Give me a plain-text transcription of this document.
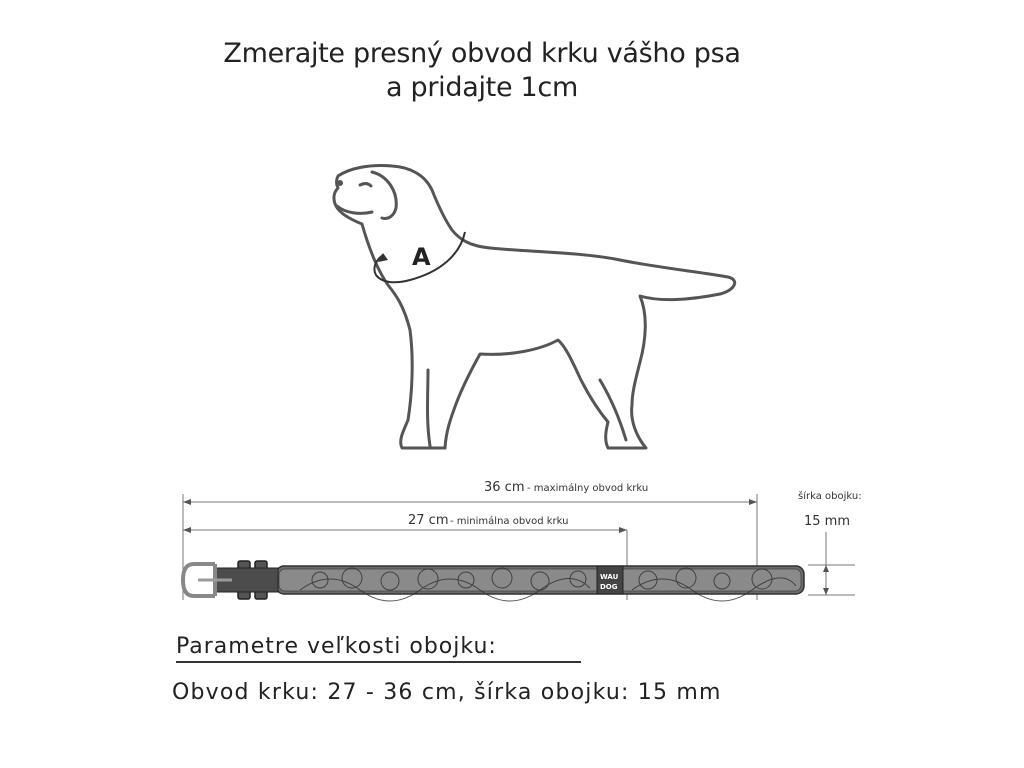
Zmerajte presný obvod krku vášho psa
a pridajte 1cm
A
WAU
DOG
36 cm - maximálny obvod krku
27 cm - minimálna obvod krku
šírka obojku:
15 mm
Parametre veľkosti obojku:
Obvod krku: 27 - 36 cm, šírka obojku: 15 mm
